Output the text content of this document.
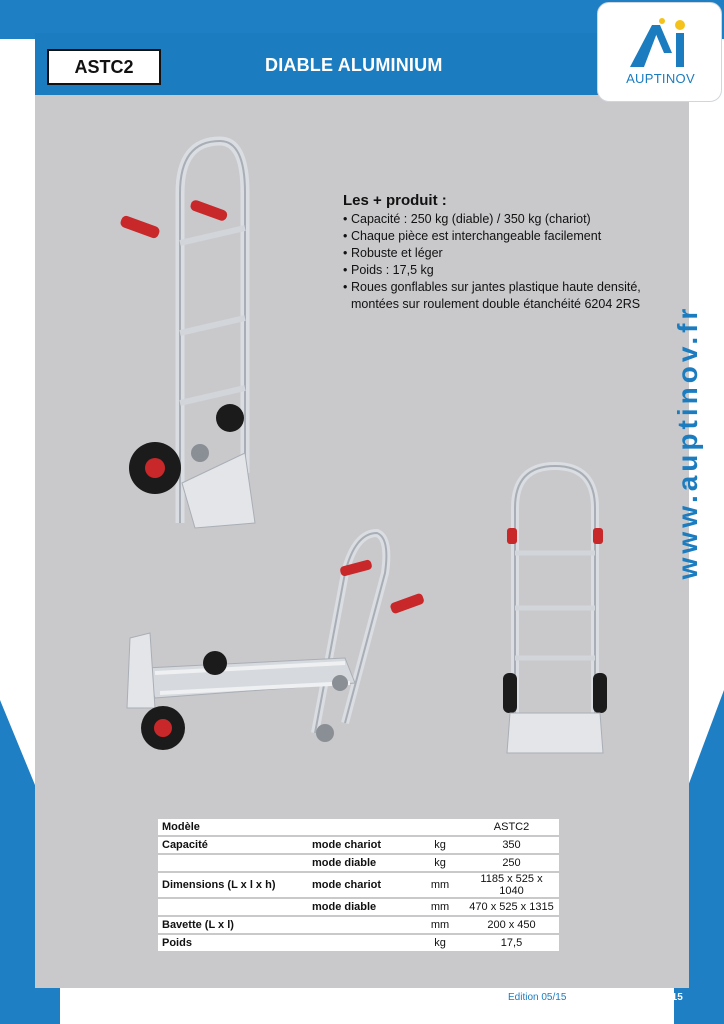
ASTC2	DIABLE ALUMINIUM
Les + produit :
• Capacité : 250 kg (diable) / 350 kg (chariot)
• Chaque pièce est interchangeable facilement
• Robuste et léger
• Poids : 17,5 kg
• Roues gonflables sur jantes plastique haute densité, montées sur roulement double étanchéité 6204 2RS
AUPTINOV
www.auptinov.fr
Modèle			ASTC2
Capacité	mode chariot	kg	350
	mode diable	kg	250
Dimensions (L x l x h)	mode chariot	mm	1185 x 525 x 1040
	mode diable	mm	470 x 525 x 1315
Bavette (L x l)		mm	200 x 450
Poids		kg	17,5
Edition 05/15	Page 15
